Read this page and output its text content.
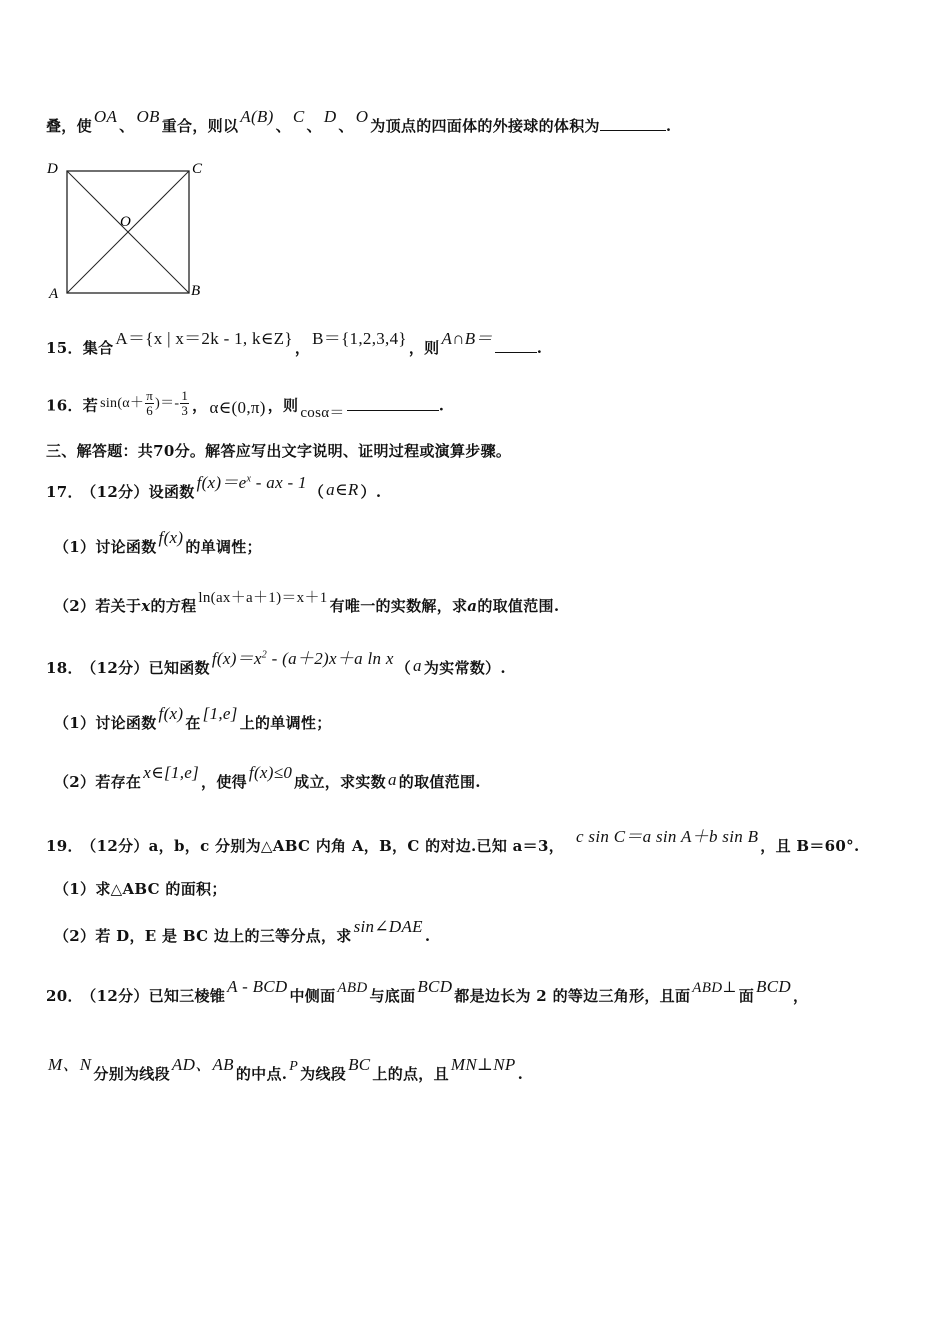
叠，使 OA 、 OB 重合，则以 A(B) 、 C 、 D 、 O 为顶点的四面体的外接球的体积为	.
D	C
O
A	B
15．集合 A＝{x | x＝2k - 1, k∈Z} ， B＝{1,2,3,4} ，则 A∩B＝	.
16．若 $\sin(\alpha+ \frac{\pi}{6}$ )＝- $\frac{1}{3}$ ， α∈(0,π) ，则 cosα＝	.
三、解答题：共70分。解答应写出文字说明、证明过程或演算步骤。
17． （12分）设函数 $f(x)=e^x$ - ax - 1 （ a∈R ）.
（1）讨论函数 f(x) 的单调性；
（2）若关于x的方程 ln(ax＋a＋1)＝x＋1 有唯一的实数解，求a的取值范围.
18． （12分）已知函数 $f(x)=x^2 - (a+2)x+a$ ln x （ a 为实常数）.
（1）讨论函数 f(x) 在 [1,e] 上的单调性；
（2）若存在 x∈[1,e] ，使得 f(x)≤0 成立，求实数 a 的取值范围.
19． （12分）a，b，c 分别为△ABC 内角 A，B，C 的对边.已知 a＝3， c sin C＝a sin A＋b sin B ，且 B＝60°.
（1）求△ABC 的面积；
（2）若 D，E 是 BC 边上的三等分点，求 sin∠DAE .
20． （12分）已知三棱锥 A - BCD 中侧面 ABD 与底面 BCD 都是边长为 2 的等边三角形，且面 ABD⊥ 面 BCD ，
M、N 分别为线段 AD、AB 的中点. P 为线段 BC 上的点，且 MN⊥NP .
